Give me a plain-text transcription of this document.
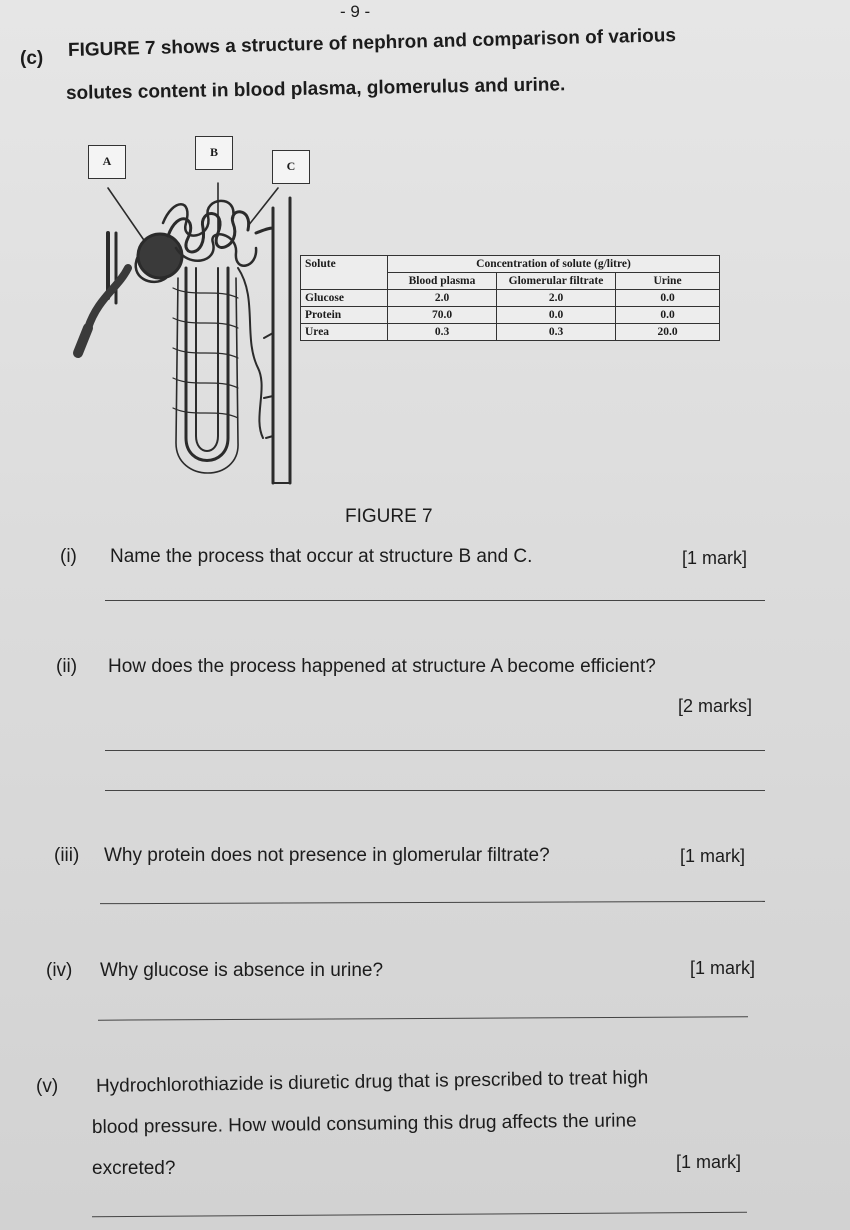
- 9 -
(c) FIGURE 7 shows a structure of nephron and comparison of various
solutes content in blood plasma, glomerulus and urine.
A
B
C
Solute	Concentration of solute (g/litre)		
	Blood plasma	Glomerular filtrate	Urine
Glucose	2.0	2.0	0.0
Protein	70.0	0.0	0.0
Urea	0.3	0.3	20.0
FIGURE 7
(i) Name the process that occur at structure B and C.	[1 mark]
(ii) How does the process happened at structure A become efficient?
[2 marks]
(iii) Why protein does not presence in glomerular filtrate?	[1 mark]
(iv) Why glucose is absence in urine?	[1 mark]
(v) Hydrochlorothiazide is diuretic drug that is prescribed to treat high
blood pressure. How would consuming this drug affects the urine
excreted?	[1 mark]
